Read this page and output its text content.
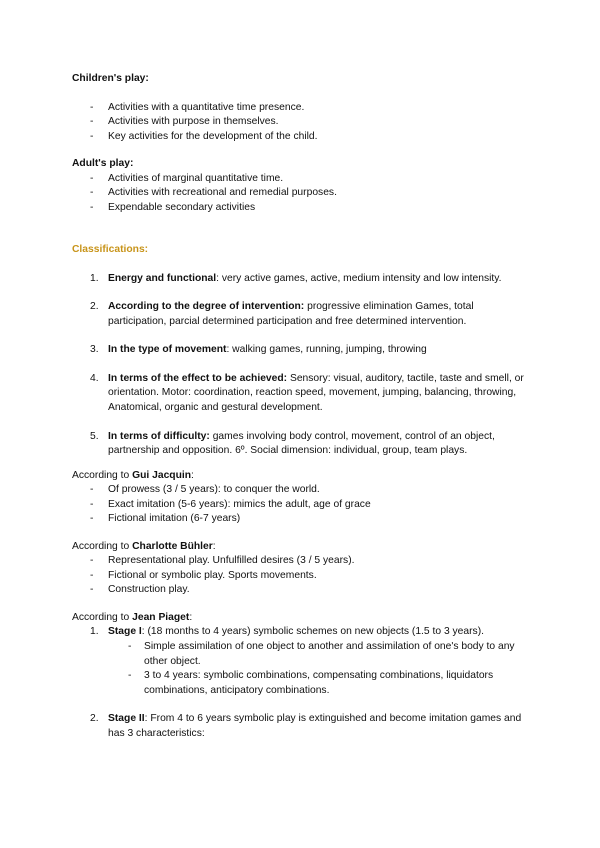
Children's play:
- Activities with a quantitative time presence.
- Activities with purpose in themselves.
- Key activities for the development of the child.
Adult's play:
- Activities of marginal quantitative time.
- Activities with recreational and remedial purposes.
- Expendable secondary activities
Classifications:
1. Energy and functional: very active games, active, medium intensity and low intensity.
2. According to the degree of intervention: progressive elimination Games, total participation, parcial determined participation and free determined intervention.
3. In the type of movement: walking games, running, jumping, throwing
4. In terms of the effect to be achieved: Sensory: visual, auditory, tactile, taste and smell, or orientation. Motor: coordination, reaction speed, movement, jumping, balancing, throwing, Anatomical, organic and gestural development.
5. In terms of difficulty: games involving body control, movement, control of an object, partnership and opposition. 6º. Social dimension: individual, group, team plays.
According to Gui Jacquin:
- Of prowess (3 / 5 years): to conquer the world.
- Exact imitation (5-6 years): mimics the adult, age of grace
- Fictional imitation (6-7 years)
According to Charlotte Bühler:
- Representational play. Unfulfilled desires (3 / 5 years).
- Fictional or symbolic play. Sports movements.
- Construction play.
According to Jean Piaget:
1. Stage I: (18 months to 4 years) symbolic schemes on new objects (1.5 to 3 years).
- Simple assimilation of one object to another and assimilation of one's body to any other object.
- 3 to 4 years: symbolic combinations, compensating combinations, liquidators combinations, anticipatory combinations.
2. Stage II: From 4 to 6 years symbolic play is extinguished and become imitation games and has 3 characteristics:
